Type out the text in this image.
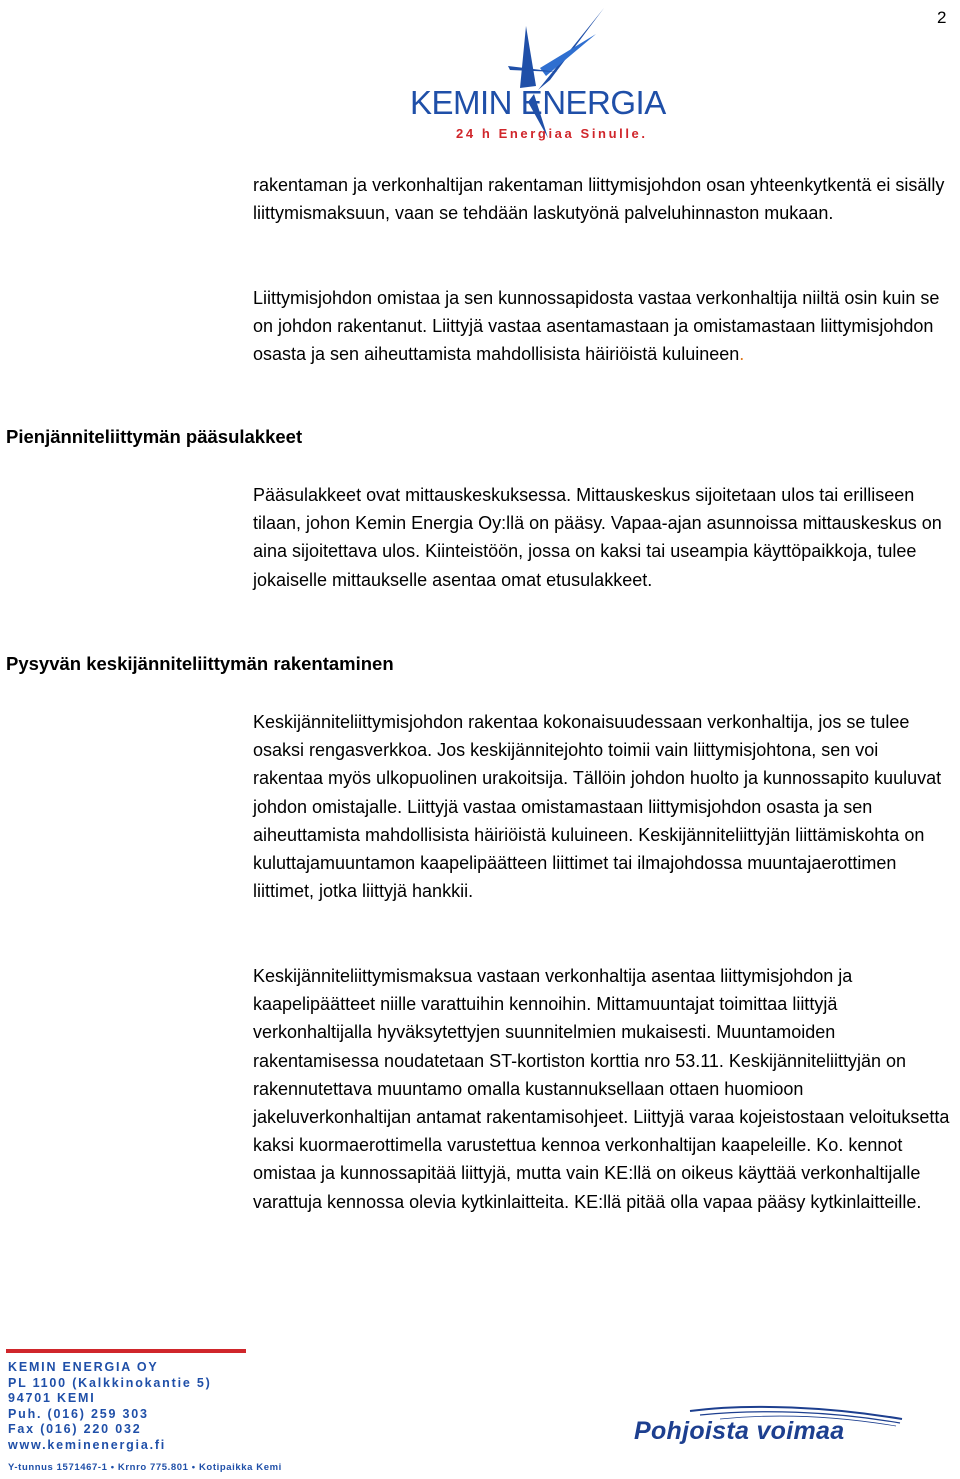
2
KEMIN ENERGIA
24 h Energiaa Sinulle.

rakentaman ja verkonhaltijan rakentaman liittymisjohdon osan yhteenkytkentä ei sisälly liittymismaksuun, vaan se tehdään laskutyönä palveluhinnaston mukaan.

Liittymisjohdon omistaa ja sen kunnossapidosta vastaa verkonhaltija niiltä osin kuin se on johdon rakentanut. Liittyjä vastaa asentamastaan ja omistamastaan liittymisjohdon osasta ja sen aiheuttamista mahdollisista häiriöistä kuluineen.

Pienjänniteliittymän pääsulakkeet

Pääsulakkeet ovat mittauskeskuksessa. Mittauskeskus sijoitetaan ulos tai erilliseen tilaan, johon Kemin Energia Oy:llä on pääsy. Vapaa-ajan asunnoissa mittauskeskus on aina sijoitettava ulos. Kiinteistöön, jossa on kaksi tai useampia käyttöpaikkoja, tulee jokaiselle mittaukselle asentaa omat etusulakkeet.

Pysyvän keskijänniteliittymän rakentaminen

Keskijänniteliittymisjohdon rakentaa kokonaisuudessaan verkonhaltija, jos se tulee osaksi rengasverkkoa. Jos keskijännitejohto toimii vain liittymisjohtona, sen voi rakentaa myös ulkopuolinen urakoitsija. Tällöin johdon huolto ja kunnossapito kuuluvat johdon omistajalle. Liittyjä vastaa omistamastaan liittymisjohdon osasta ja sen aiheuttamista mahdollisista häiriöistä kuluineen. Keskijänniteliittyjän liittämiskohta on kuluttajamuuntamon kaapelipäätteen liittimet tai ilmajohdossa muuntajaerottimen liittimet, jotka liittyjä hankkii.

Keskijänniteliittymismaksua vastaan verkonhaltija asentaa liittymisjohdon ja kaapelipäätteet niille varattuihin kennoihin. Mittamuuntajat toimittaa liittyjä verkonhaltijalla hyväksytettyjen suunnitelmien mukaisesti. Muuntamoiden rakentamisessa noudatetaan ST-kortiston korttia nro 53.11. Keskijänniteliittyjän on rakennutettava muuntamo omalla kustannuksellaan ottaen huomioon jakeluverkonhaltijan antamat rakentamisohjeet. Liittyjä varaa kojeistostaan veloituksetta kaksi kuormaerottimella varustettua kennoa verkonhaltijan kaapeleille. Ko. kennot omistaa ja kunnossapitää liittyjä, mutta vain KE:llä on oikeus käyttää verkonhaltijalle varattuja kennossa olevia kytkinlaitteita. KE:llä pitää olla vapaa pääsy kytkinlaitteille.

KEMIN ENERGIA OY
PL 1100 (Kalkkinokantie 5)
94701 KEMI
Puh. (016) 259 303
Fax (016) 220 032
www.keminenergia.fi
Y-tunnus 1571467-1 • Krnro 775.801 • Kotipaikka Kemi
Pohjoista voimaa
